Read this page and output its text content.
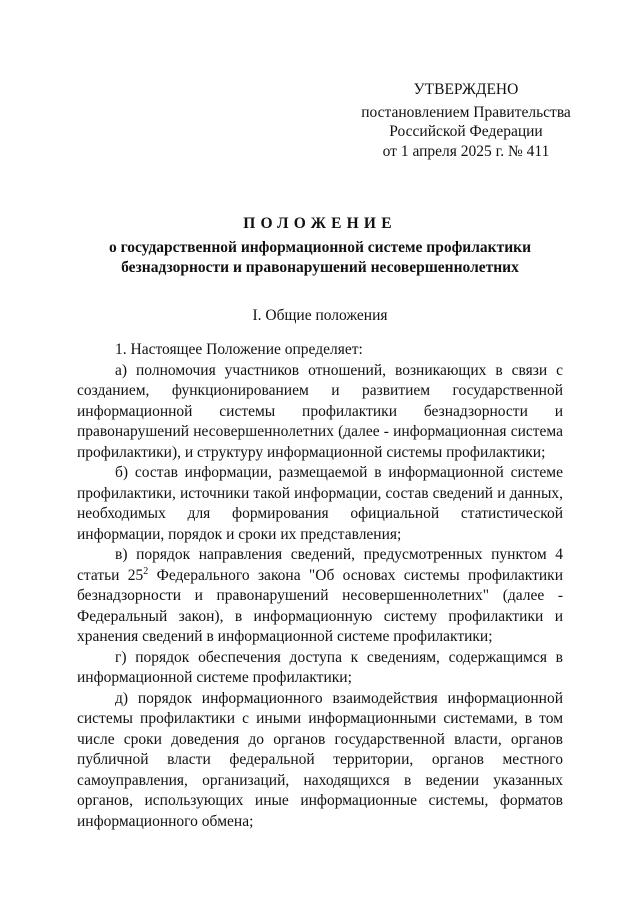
УТВЕРЖДЕНО
постановлением Правительства
Российской Федерации
от 1 апреля 2025 г. № 411
ПОЛОЖЕНИЕ
о государственной информационной системе профилактики
безнадзорности и правонарушений несовершеннолетних
I. Общие положения

1. Настоящее Положение определяет:

а) полномочия участников отношений, возникающих в связи с созданием, функционированием и развитием государственной информационной системы профилактики безнадзорности и правонарушений несовершеннолетних (далее - информационная система профилактики), и структуру информационной системы профилактики;

б) состав информации, размещаемой в информационной системе профилактики, источники такой информации, состав сведений и данных, необходимых для формирования официальной статистической информации, порядок и сроки их представления;

в) порядок направления сведений, предусмотренных пунктом 4 статьи $25^2$ Федерального закона "Об основах системы профилактики безнадзорности и правонарушений несовершеннолетних" (далее - Федеральный закон), в информационную систему профилактики и хранения сведений в информационной системе профилактики;

г) порядок обеспечения доступа к сведениям, содержащимся в информационной системе профилактики;

д) порядок информационного взаимодействия информационной системы профилактики с иными информационными системами, в том числе сроки доведения до органов государственной власти, органов публичной власти федеральной территории, органов местного самоуправления, организаций, находящихся в ведении указанных органов, использующих иные информационные системы, форматов информационного обмена;
